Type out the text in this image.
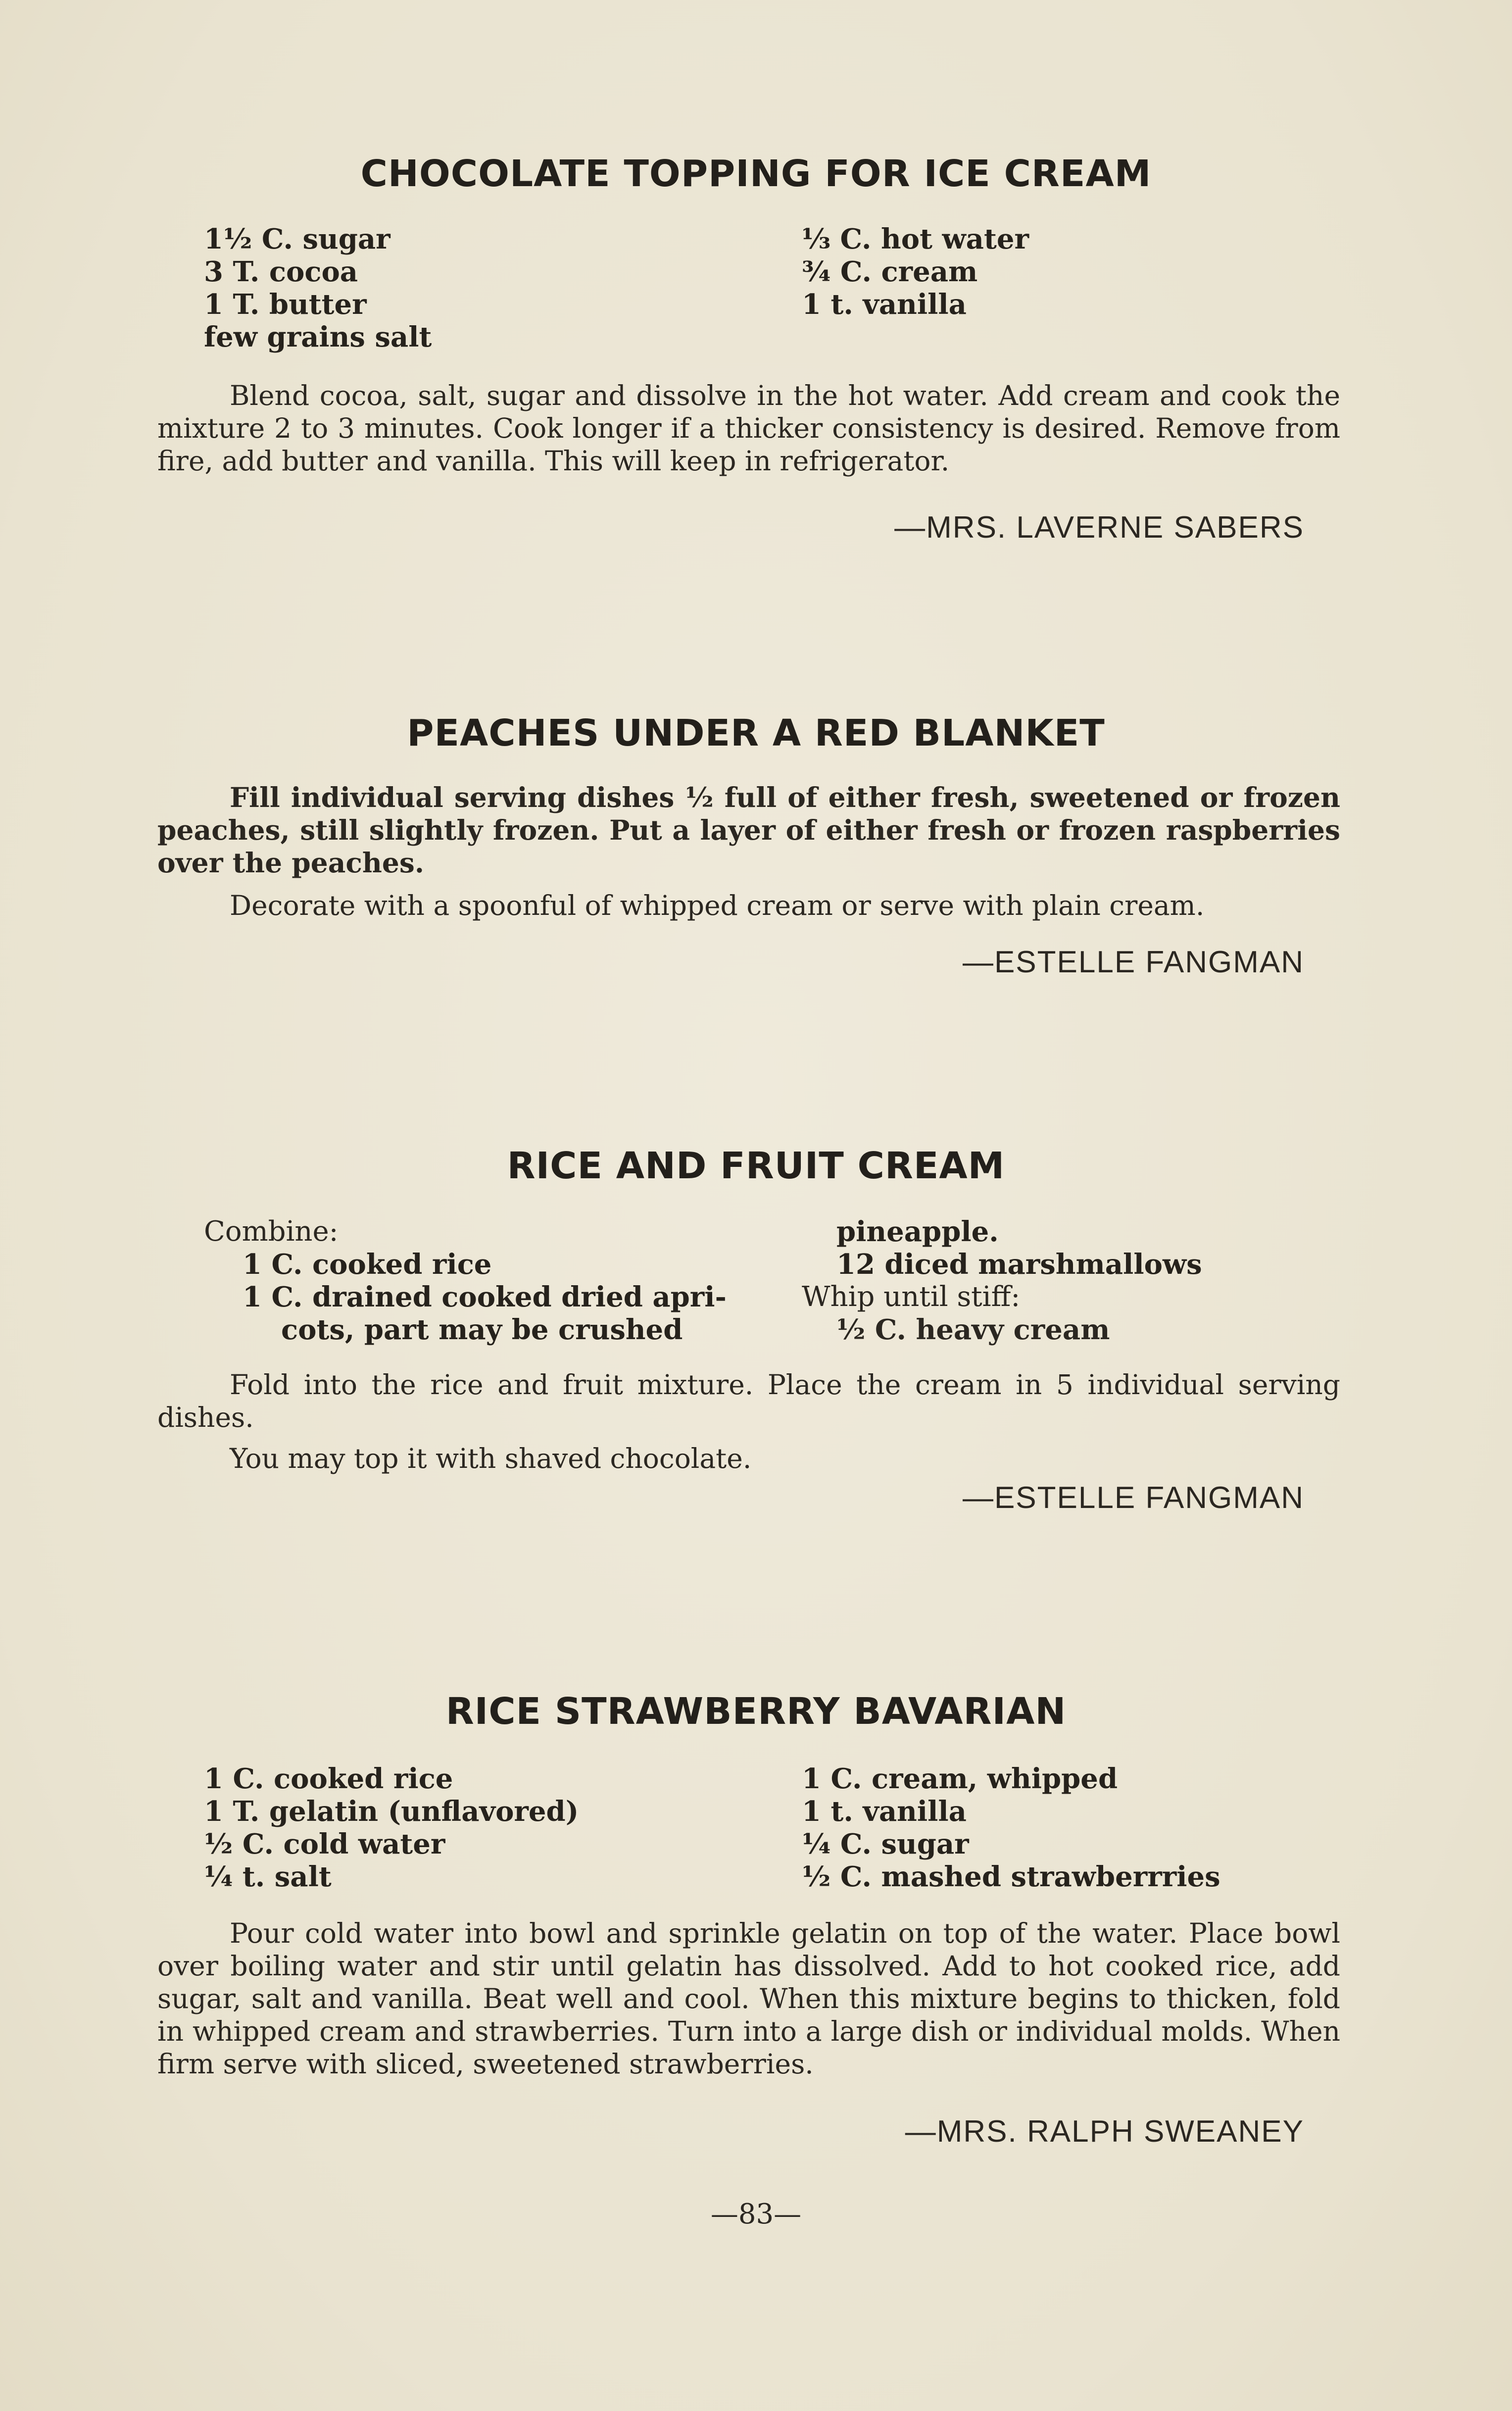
CHOCOLATE TOPPING FOR ICE CREAM
1½ C. sugar
3 T. cocoa
1 T. butter
few grains salt
⅓ C. hot water
¾ C. cream
1 t. vanilla
Blend cocoa, salt, sugar and dissolve in the hot water. Add cream and cook the mixture 2 to 3 minutes. Cook longer if a thicker consistency is desired. Remove from fire, add butter and vanilla. This will keep in refrigerator.
—MRS. LAVERNE SABERS
PEACHES UNDER A RED BLANKET
Fill individual serving dishes ½ full of either fresh, sweetened or frozen peaches, still slightly frozen. Put a layer of either fresh or frozen raspberries over the peaches.
Decorate with a spoonful of whipped cream or serve with plain cream.
—ESTELLE FANGMAN
RICE AND FRUIT CREAM
Combine:
1 C. cooked rice
1 C. drained cooked dried apri-
cots, part may be crushed
pineapple.
12 diced marshmallows
Whip until stiff:
½ C. heavy cream
Fold into the rice and fruit mixture. Place the cream in 5 individual serving dishes.
You may top it with shaved chocolate.
—ESTELLE FANGMAN
RICE STRAWBERRY BAVARIAN
1 C. cooked rice
1 T. gelatin (unflavored)
½ C. cold water
¼ t. salt
1 C. cream, whipped
1 t. vanilla
¼ C. sugar
½ C. mashed strawberrries
Pour cold water into bowl and sprinkle gelatin on top of the water. Place bowl over boiling water and stir until gelatin has dissolved. Add to hot cooked rice, add sugar, salt and vanilla. Beat well and cool. When this mixture begins to thicken, fold in whipped cream and strawberries. Turn into a large dish or individual molds. When firm serve with sliced, sweetened strawberries.
—MRS. RALPH SWEANEY
—83—
